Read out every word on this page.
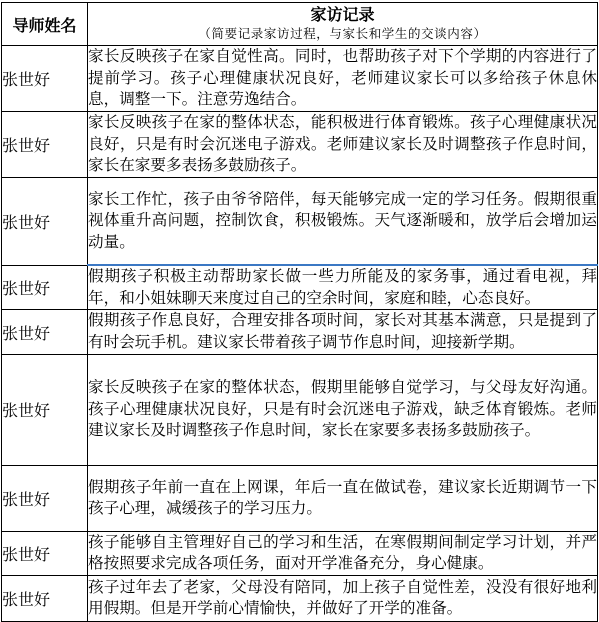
导师姓名	家访记录
（简要记录家访过程，与家长和学生的交谈内容）

张世好	家长反映孩子在家自觉性高。同时，也帮助孩子对下个学期的内容进行了提前学习。孩子心理健康状况良好，老师建议家长可以多给孩子休息休息，调整一下。注意劳逸结合。
张世好	家长反映孩子在家的整体状态，能积极进行体育锻炼。孩子心理健康状况良好，只是有时会沉迷电子游戏。老师建议家长及时调整孩子作息时间，家长在家要多表扬多鼓励孩子。
张世好	家长工作忙，孩子由爷爷陪伴，每天能够完成一定的学习任务。假期很重视体重升高问题，控制饮食，积极锻炼。天气逐渐暖和，放学后会增加运动量。
张世好	假期孩子积极主动帮助家长做一些力所能及的家务事，通过看电视，拜年，和小姐妹聊天来度过自己的空余时间，家庭和睦，心态良好。
张世好	假期孩子作息良好，合理安排各项时间，家长对其基本满意，只是提到了有时会玩手机。建议家长带着孩子调节作息时间，迎接新学期。
张世好	家长反映孩子在家的整体状态，假期里能够自觉学习，与父母友好沟通。孩子心理健康状况良好，只是有时会沉迷电子游戏，缺乏体育锻炼。老师建议家长及时调整孩子作息时间，家长在家要多表扬多鼓励孩子。
张世好	假期孩子年前一直在上网课，年后一直在做试卷，建议家长近期调节一下孩子心理，减缓孩子的学习压力。
张世好	孩子能够自主管理好自己的学习和生活，在寒假期间制定学习计划，并严格按照要求完成各项任务，面对开学准备充分，身心健康。
张世好	孩子过年去了老家，父母没有陪同，加上孩子自觉性差，没没有很好地利用假期。但是开学前心情愉快，并做好了开学的准备。
